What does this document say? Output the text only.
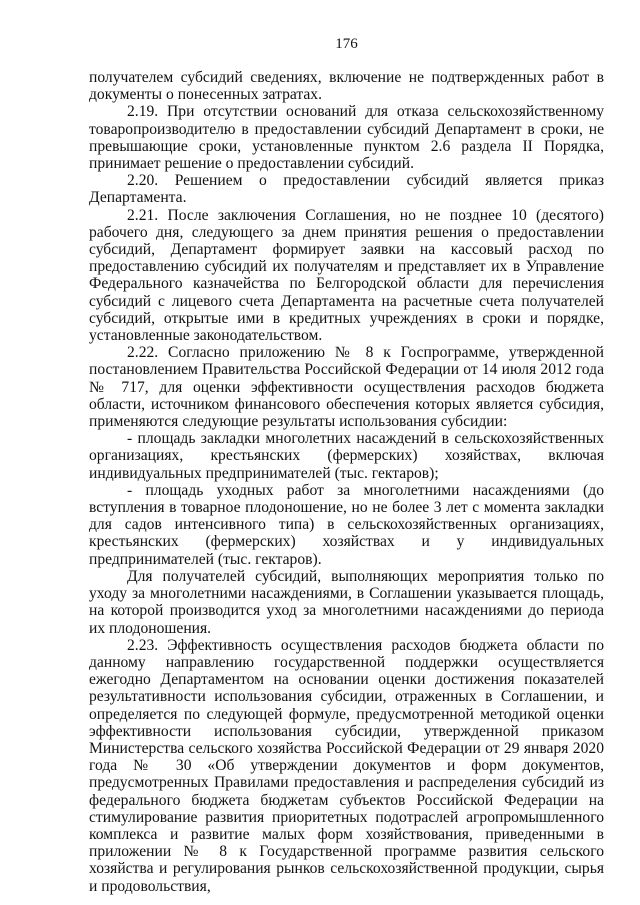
176

получателем субсидий сведениях, включение не подтвержденных работ в документы о понесенных затратах.

2.19. При отсутствии оснований для отказа сельскохозяйственному товаропроизводителю в предоставлении субсидий Департамент в сроки, не превышающие сроки, установленные пунктом 2.6 раздела II Порядка, принимает решение о предоставлении субсидий.

2.20. Решением о предоставлении субсидий является приказ Департамента.

2.21. После заключения Соглашения, но не позднее 10 (десятого) рабочего дня, следующего за днем принятия решения о предоставлении субсидий, Департамент формирует заявки на кассовый расход по предоставлению субсидий их получателям и представляет их в Управление Федерального казначейства по Белгородской области для перечисления субсидий с лицевого счета Департамента на расчетные счета получателей субсидий, открытые ими в кредитных учреждениях в сроки и порядке, установленные законодательством.

2.22. Согласно приложению № 8 к Госпрограмме, утвержденной постановлением Правительства Российской Федерации от 14 июля 2012 года № 717, для оценки эффективности осуществления расходов бюджета области, источником финансового обеспечения которых является субсидия, применяются следующие результаты использования субсидии:

- площадь закладки многолетних насаждений в сельскохозяйственных организациях, крестьянских (фермерских) хозяйствах, включая индивидуальных предпринимателей (тыс. гектаров);

- площадь уходных работ за многолетними насаждениями (до вступления в товарное плодоношение, но не более 3 лет с момента закладки для садов интенсивного типа) в сельскохозяйственных организациях, крестьянских (фермерских) хозяйствах и у индивидуальных предпринимателей (тыс. гектаров).

Для получателей субсидий, выполняющих мероприятия только по уходу за многолетними насаждениями, в Соглашении указывается площадь, на которой производится уход за многолетними насаждениями до периода их плодоношения.

2.23. Эффективность осуществления расходов бюджета области по данному направлению государственной поддержки осуществляется ежегодно Департаментом на основании оценки достижения показателей результативности использования субсидии, отраженных в Соглашении, и определяется по следующей формуле, предусмотренной методикой оценки эффективности использования субсидии, утвержденной приказом Министерства сельского хозяйства Российской Федерации от 29 января 2020 года № 30 «Об утверждении документов и форм документов, предусмотренных Правилами предоставления и распределения субсидий из федерального бюджета бюджетам субъектов Российской Федерации на стимулирование развития приоритетных подотраслей агропромышленного комплекса и развитие малых форм хозяйствования, приведенными в приложении № 8 к Государственной программе развития сельского хозяйства и регулирования рынков сельскохозяйственной продукции, сырья и продовольствия,
